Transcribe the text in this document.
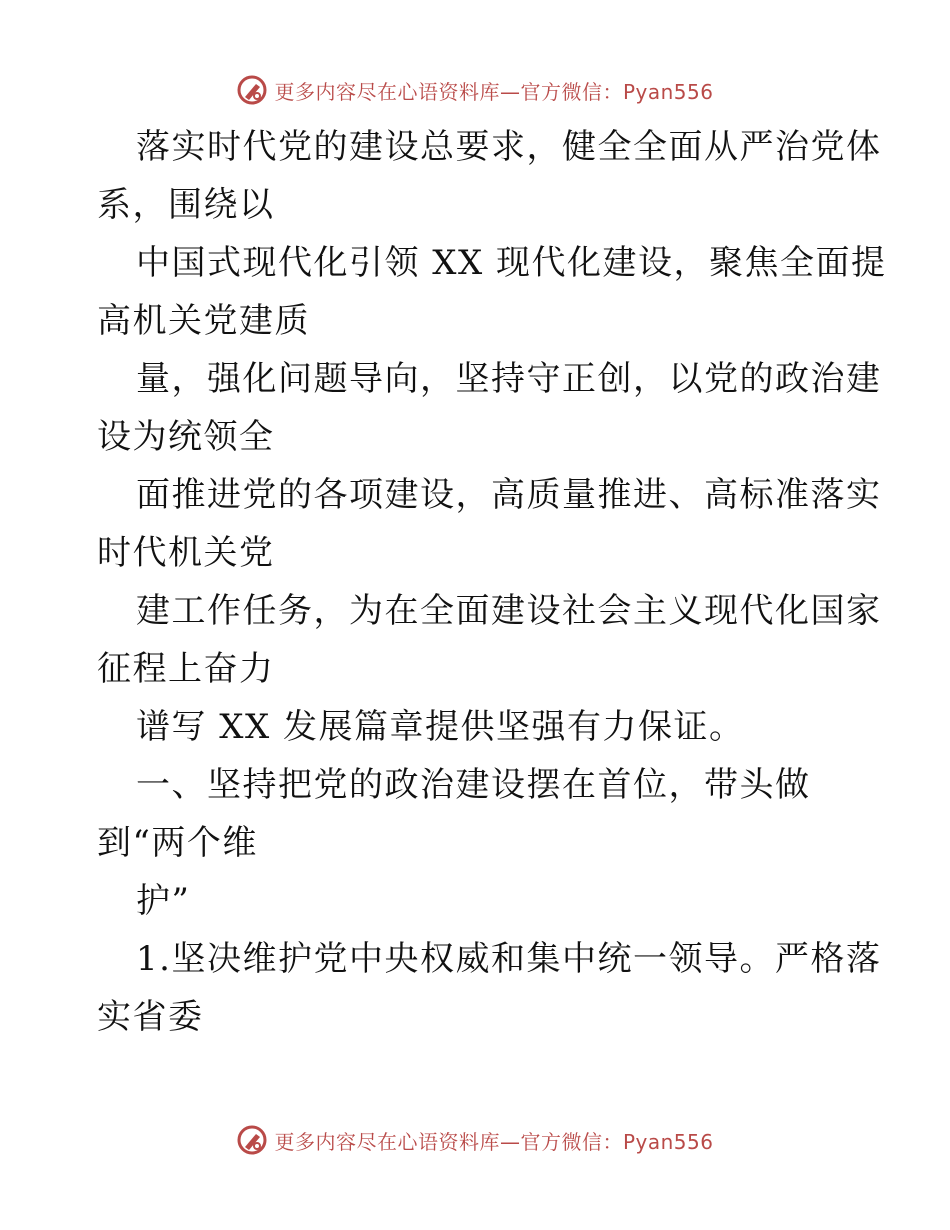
更多内容尽在心语资料库—官方微信：Pyan556
落实时代党的建设总要求，健全全面从严治党体
系，围绕以
中国式现代化引领 XX 现代化建设，聚焦全面提
高机关党建质
量，强化问题导向，坚持守正创，以党的政治建
设为统领全
面推进党的各项建设，高质量推进、高标准落实
时代机关党
建工作任务，为在全面建设社会主义现代化国家
征程上奋力
谱写 XX 发展篇章提供坚强有力保证。
一、坚持把党的政治建设摆在首位，带头做
到“两个维
护”
1.坚决维护党中央权威和集中统一领导。严格落
实省委
更多内容尽在心语资料库—官方微信：Pyan556
